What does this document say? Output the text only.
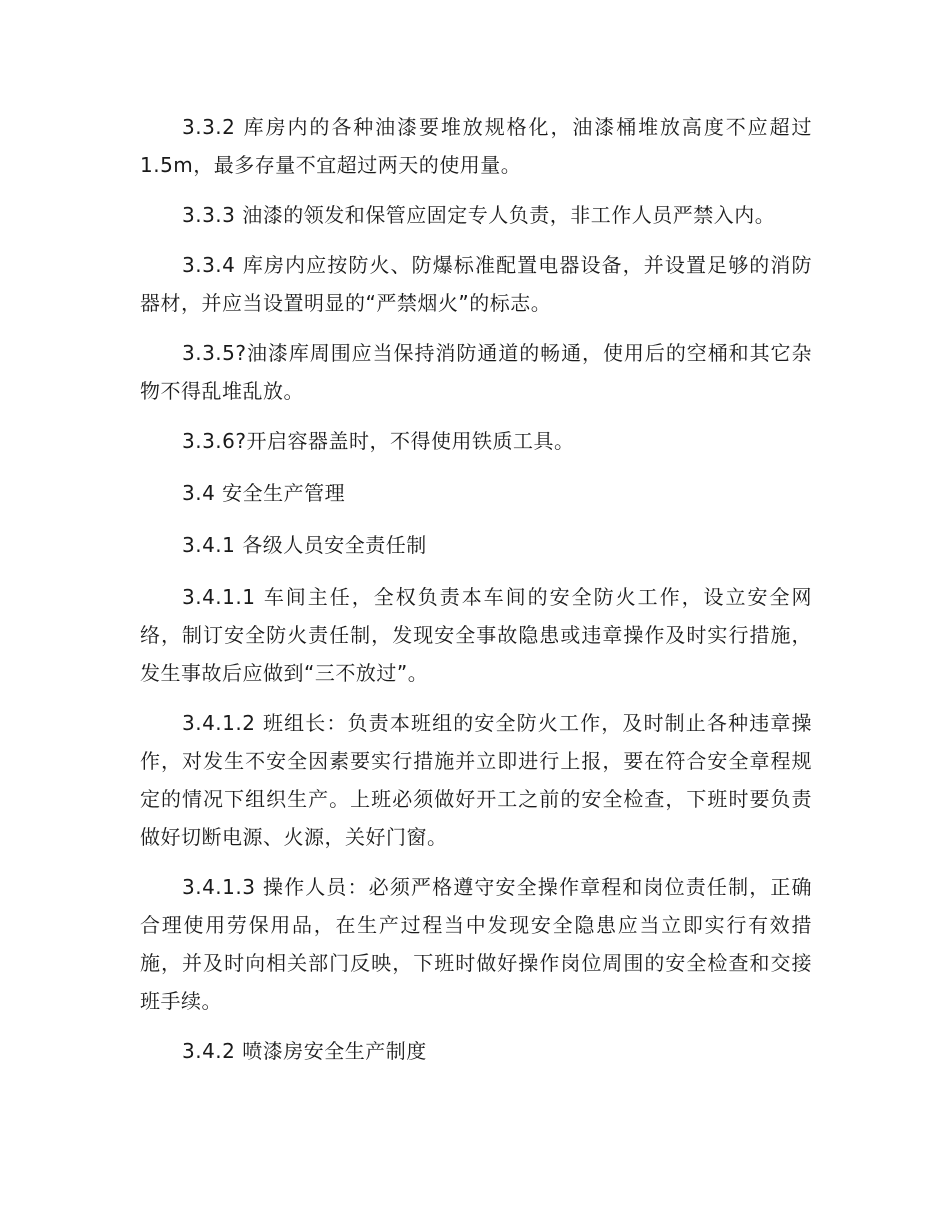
3.3.2 库房内的各种油漆要堆放规格化，油漆桶堆放高度不应超过1.5m，最多存量不宜超过两天的使用量。

3.3.3 油漆的领发和保管应固定专人负责，非工作人员严禁入内。

3.3.4 库房内应按防火、防爆标准配置电器设备，并设置足够的消防器材，并应当设置明显的“严禁烟火”的标志。

3.3.5?油漆库周围应当保持消防通道的畅通，使用后的空桶和其它杂物不得乱堆乱放。

3.3.6?开启容器盖时，不得使用铁质工具。

3.4 安全生产管理

3.4.1 各级人员安全责任制

3.4.1.1 车间主任，全权负责本车间的安全防火工作，设立安全网络，制订安全防火责任制，发现安全事故隐患或违章操作及时实行措施，发生事故后应做到“三不放过”。

3.4.1.2 班组长：负责本班组的安全防火工作，及时制止各种违章操作，对发生不安全因素要实行措施并立即进行上报，要在符合安全章程规定的情况下组织生产。上班必须做好开工之前的安全检查，下班时要负责做好切断电源、火源，关好门窗。

3.4.1.3 操作人员：必须严格遵守安全操作章程和岗位责任制，正确合理使用劳保用品，在生产过程当中发现安全隐患应当立即实行有效措施，并及时向相关部门反映，下班时做好操作岗位周围的安全检查和交接班手续。

3.4.2 喷漆房安全生产制度
